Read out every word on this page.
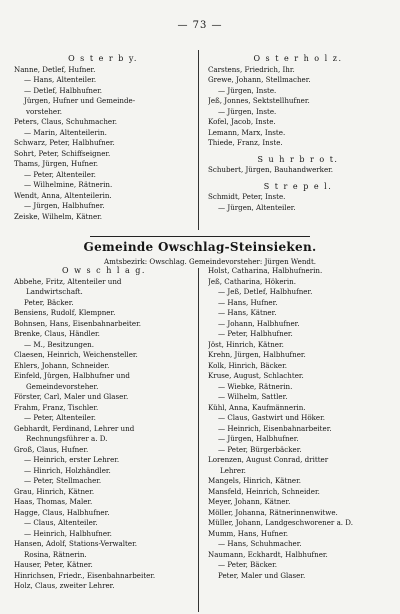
— 73 —
O s t e r b y.
Nanne, Detlef, Hufner.
— Hans, Altenteiler.
— Detlef, Halbhufner.
Jürgen, Hufner und Gemeinde-
vorsteher.
Peters, Claus, Schuhmacher.
— Marin, Altenteilerin.
Schwarz, Peter, Halbhufner.
Sohrt, Peter, Schiffseigner.
Thams, Jürgen, Hufner.
— Peter, Altenteiler.
— Wilhelmine, Rätnerin.
Wendt, Anna, Altenteilerin.
— Jürgen, Halbhufner.
Zeiske, Wilhelm, Kätner.
O s t e r h o l z.
Carstens, Friedrich, Ihr.
Grewe, Johann, Stellmacher.
— Jürgen, Inste.
Jeß, Jonnes, Sektstellhufner.
— Jürgen, Inste.
Kofel, Jacob, Inste.
Lemann, Marx, Inste.
Thiede, Franz, Inste.
S u h r b r o t.
Schubert, Jürgen, Bauhandwerker.
S t r e p e l.
Schmidt, Peter, Inste.
— Jürgen, Altenteiler.
Gemeinde Owschlag-Steinsieken.
Amtsbezirk: Owschlag. Gemeindevorsteher: Jürgen Wendt.
O w s c h l a g.
Abbehe, Fritz, Altenteiler und
Landwirtschaft.
Peter, Bäcker.
Bensiens, Rudolf, Klempner.
Bohnsen, Hans, Eisenbahnarbeiter.
Brenke, Claus, Händler.
— M., Besitzungen.
Claesen, Heinrich, Weichensteller.
Ehlers, Johann, Schneider.
Einfeld, Jürgen, Halbhufner und
Gemeindevorsteher.
Förster, Carl, Maler und Glaser.
Frahm, Franz, Tischler.
— Peter, Altenteiler.
Gebhardt, Ferdinand, Lehrer und
Rechnungsführer a. D.
Groß, Claus, Hufner.
— Heinrich, erster Lehrer.
— Hinrich, Holzhändler.
— Peter, Stellmacher.
Grau, Hinrich, Kätner.
Haas, Thomas, Maler.
Hagge, Claus, Halbhufner.
— Claus, Altenteiler.
— Heinrich, Halbhufner.
Hansen, Adolf, Stations-Verwalter.
Rosina, Rätnerin.
Hauser, Peter, Kätner.
Hinrichsen, Friedr., Eisenbahnarbeiter.
Holz, Claus, zweiter Lehrer.
Holst, Catharina, Halbhufnerin.
Jeß, Catharina, Hökerin.
— Jeß, Detlef, Halbhufner.
— Hans, Hufner.
— Hans, Kätner.
— Johann, Halbhufner.
— Peter, Halbhufner.
Jöst, Hinrich, Kätner.
Krehn, Jürgen, Halbhufner.
Kolk, Hinrich, Bäcker.
Kruse, August, Schlachter.
— Wiebke, Rätnerin.
— Wilhelm, Sattler.
Kühl, Anna, Kaufmännerin.
— Claus, Gastwirt und Höker.
— Heinrich, Eisenbahnarbeiter.
— Jürgen, Halbhufner.
— Peter, Bürgerbäcker.
Lorenzen, August Conrad, dritter
Lehrer.
Mangels, Hinrich, Kätner.
Mansfeld, Heinrich, Schneider.
Meyer, Johann, Kätner.
Möller, Johanna, Rätnerinnenwitwe.
Müller, Johann, Landgeschworener a. D.
Mumm, Hans, Hufner.
— Hans, Schuhmacher.
Naumann, Eckhardt, Halbhufner.
— Peter, Bäcker.
Peter, Maler und Glaser.
